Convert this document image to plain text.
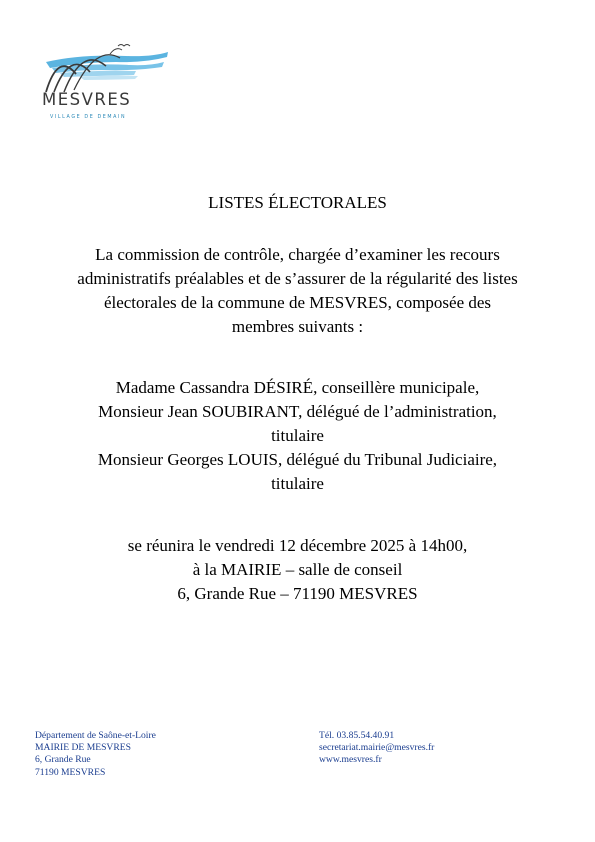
MESVRES
VILLAGE DE DEMAIN
LISTES ÉLECTORALES
La commission de contrôle, chargée d’examiner les recours
administratifs préalables et de s’assurer de la régularité des listes
électorales de la commune de MESVRES, composée des
membres suivants :
Madame Cassandra DÉSIRÉ, conseillère municipale,
Monsieur Jean SOUBIRANT, délégué de l’administration,
titulaire
Monsieur Georges LOUIS, délégué du Tribunal Judiciaire,
titulaire
se réunira le vendredi 12 décembre 2025 à 14h00,
à la MAIRIE – salle de conseil
6, Grande Rue – 71190 MESVRES
Département de Saône-et-Loire
MAIRIE DE MESVRES
6, Grande Rue
71190 MESVRES
Tél. 03.85.54.40.91
secretariat.mairie@mesvres.fr
www.mesvres.fr
